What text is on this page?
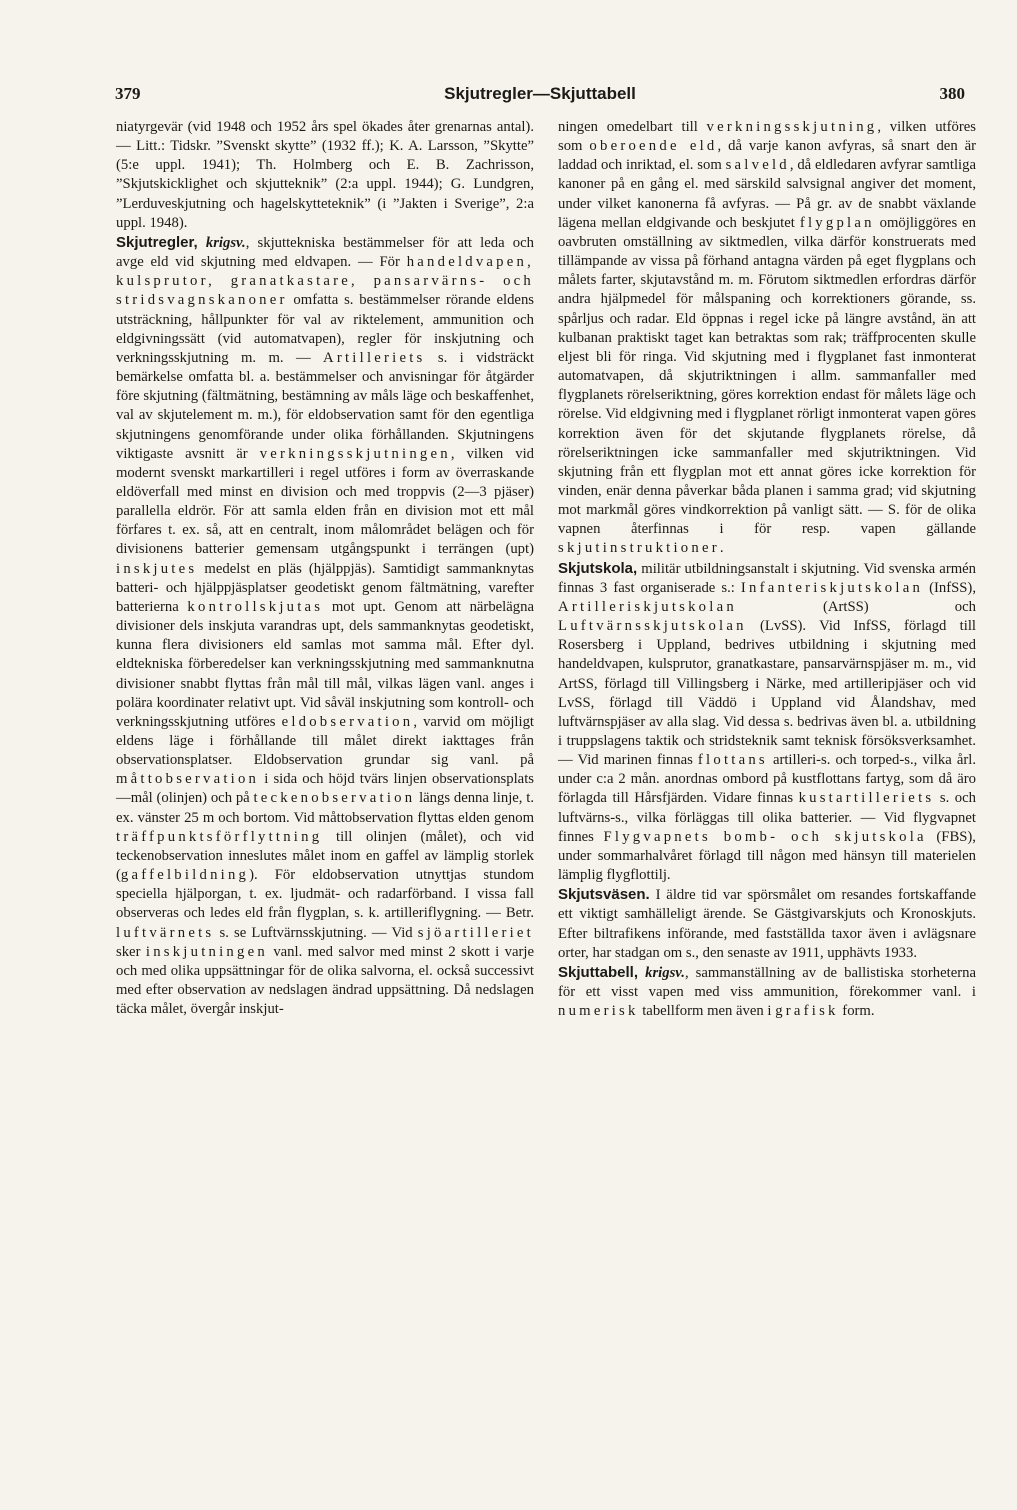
379	Skjutregler—Skjuttabell	380

niatyrgevär (vid 1948 och 1952 års spel ökades åter grenarnas antal). — Litt.: Tidskr. ”Svenskt skytte” (1932 ff.); K. A. Larsson, ”Skytte” (5:e uppl. 1941); Th. Holmberg och E. B. Zachrisson, ”Skjutskicklighet och skjutteknik” (2:a uppl. 1944); G. Lundgren, ”Lerduveskjutning och hagelskytteteknik” (i ”Jakten i Sverige”, 2:a uppl. 1948).

Skjutregler, krigsv., skjuttekniska bestämmelser för att leda och avge eld vid skjutning med eldvapen. — För handeldvapen, kulsprutor, granatkastare, pansarvärns- och stridsvagnskanoner omfatta s. bestämmelser rörande eldens utsträckning, hållpunkter för val av riktelement, ammunition och eldgivningssätt (vid automatvapen), regler för inskjutning och verkningsskjutning m. m. — Artilleriets s. i vidsträckt bemärkelse omfatta bl. a. bestämmelser och anvisningar för åtgärder före skjutning (fältmätning, bestämning av måls läge och beskaffenhet, val av skjutelement m. m.), för eldobservation samt för den egentliga skjutningens genomförande under olika förhållanden. Skjutningens viktigaste avsnitt är verkningsskjutningen, vilken vid modernt svenskt markartilleri i regel utföres i form av överraskande eldöverfall med minst en division och med troppvis (2—3 pjäser) parallella eldrör. För att samla elden från en division mot ett mål förfares t. ex. så, att en centralt, inom målområdet belägen och för divisionens batterier gemensam utgångspunkt i terrängen (upt) inskjutes medelst en pläs (hjälppjäs). Samtidigt sammanknytas batteri- och hjälppjäsplatser geodetiskt genom fältmätning, varefter batterierna kontrollskjutas mot upt. Genom att närbelägna divisioner dels inskjuta varandras upt, dels sammanknytas geodetiskt, kunna flera divisioners eld samlas mot samma mål. Efter dyl. eldtekniska förberedelser kan verkningsskjutning med sammanknutna divisioner snabbt flyttas från mål till mål, vilkas lägen vanl. anges i polära koordinater relativt upt. Vid såväl inskjutning som kontroll- och verkningsskjutning utföres eldobservation, varvid om möjligt eldens läge i förhållande till målet direkt iakttages från observationsplatser. Eldobservation grundar sig vanl. på måttobservation i sida och höjd tvärs linjen observationsplats—mål (olinjen) och på teckenobservation längs denna linje, t. ex. vänster 25 m och bortom. Vid måttobservation flyttas elden genom träffpunktsförflyttning till olinjen (målet), och vid teckenobservation inneslutes målet inom en gaffel av lämplig storlek (gaffelbildning). För eldobservation utnyttjas stundom speciella hjälporgan, t. ex. ljudmät- och radarförband. I vissa fall observeras och ledes eld från flygplan, s. k. artilleriflygning. — Betr. luftvärnets s. se Luftvärnsskjutning. — Vid sjöartilleriet sker inskjutningen vanl. med salvor med minst 2 skott i varje och med olika uppsättningar för de olika salvorna, el. också successivt med efter observation av nedslagen ändrad uppsättning. Då nedslagen täcka målet, övergår inskjut-

ningen omedelbart till verkningsskjutning, vilken utföres som oberoende eld, då varje kanon avfyras, så snart den är laddad och inriktad, el. som salveld, då eldledaren avfyrar samtliga kanoner på en gång el. med särskild salvsignal angiver det moment, under vilket kanonerna få avfyras. — På gr. av de snabbt växlande lägena mellan eldgivande och beskjutet flygplan omöjliggöres en oavbruten omställning av siktmedlen, vilka därför konstruerats med tillämpande av vissa på förhand antagna värden på eget flygplans och målets farter, skjutavstånd m. m. Förutom siktmedlen erfordras därför andra hjälpmedel för målspaning och korrektioners görande, ss. spårljus och radar. Eld öppnas i regel icke på längre avstånd, än att kulbanan praktiskt taget kan betraktas som rak; träffprocenten skulle eljest bli för ringa. Vid skjutning med i flygplanet fast inmonterat automatvapen, då skjutriktningen i allm. sammanfaller med flygplanets rörelseriktning, göres korrektion endast för målets läge och rörelse. Vid eldgivning med i flygplanet rörligt inmonterat vapen göres korrektion även för det skjutande flygplanets rörelse, då rörelseriktningen icke sammanfaller med skjutriktningen. Vid skjutning från ett flygplan mot ett annat göres icke korrektion för vinden, enär denna påverkar båda planen i samma grad; vid skjutning mot markmål göres vindkorrektion på vanligt sätt. — S. för de olika vapnen återfinnas i för resp. vapen gällande skjutinstruktioner.

Skjutskola, militär utbildningsanstalt i skjutning. Vid svenska armén finnas 3 fast organiserade s.: Infanteriskjutskolan (InfSS), Artilleriskjutskolan (ArtSS) och Luftvärnsskjutskolan (LvSS). Vid InfSS, förlagd till Rosersberg i Uppland, bedrives utbildning i skjutning med handeldvapen, kulsprutor, granatkastare, pansarvärnspjäser m. m., vid ArtSS, förlagd till Villingsberg i Närke, med artilleripjäser och vid LvSS, förlagd till Väddö i Uppland vid Ålandshav, med luftvärnspjäser av alla slag. Vid dessa s. bedrivas även bl. a. utbildning i truppslagens taktik och stridsteknik samt teknisk försöksverksamhet. — Vid marinen finnas flottans artilleri-s. och torped-s., vilka årl. under c:a 2 mån. anordnas ombord på kustflottans fartyg, som då äro förlagda till Hårsfjärden. Vidare finnas kustartilleriets s. och luftvärns-s., vilka förläggas till olika batterier. — Vid flygvapnet finnes Flygvapnets bomb- och skjutskola (FBS), under sommarhalvåret förlagd till någon med hänsyn till materielen lämplig flygflottilj.

Skjutsväsen. I äldre tid var spörsmålet om resandes fortskaffande ett viktigt samhälleligt ärende. Se Gästgivarskjuts och Kronoskjuts. Efter biltrafikens införande, med fastställda taxor även i avlägsnare orter, har stadgan om s., den senaste av 1911, upphävts 1933.

Skjuttabell, krigsv., sammanställning av de ballistiska storheterna för ett visst vapen med viss ammunition, förekommer vanl. i numerisk tabellform men även i grafisk form.
